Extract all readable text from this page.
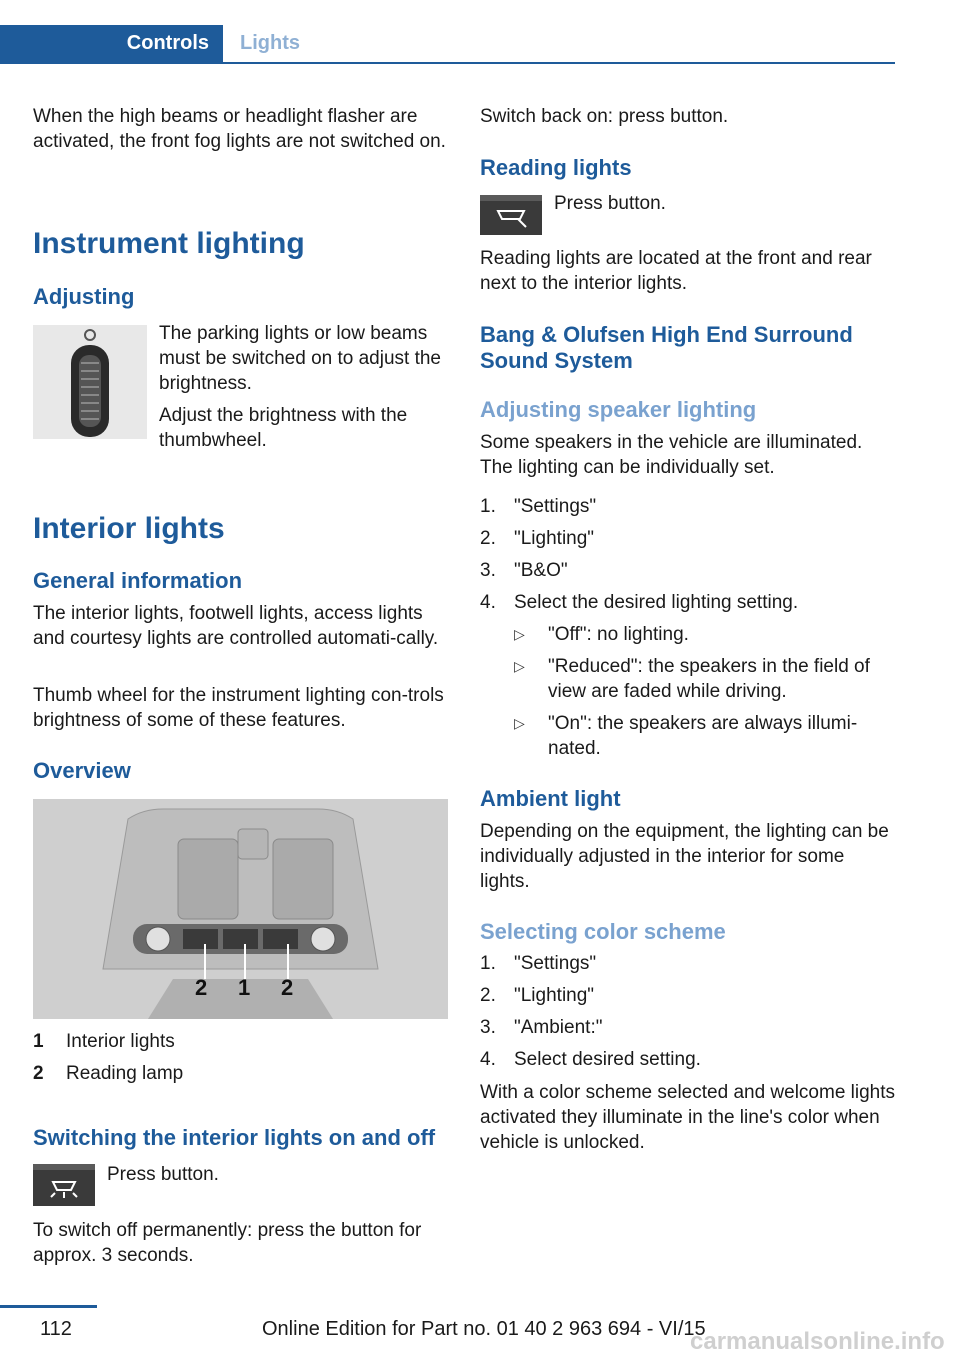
Controls	Lights

When the high beams or headlight flasher are activated, the front fog lights are not switched on.

Instrument lighting
Adjusting

The parking lights or low beams must be switched on to adjust the brightness.

Adjust the brightness with the thumbwheel.

Interior lights
General information

The interior lights, footwell lights, access lights and courtesy lights are controlled automati-cally.

Thumb wheel for the instrument lighting con-trols brightness of some of these features.

Overview
2 1 2
1 Interior lights
2 Reading lamp
Switching the interior lights on and off

Press button.

To switch off permanently: press the button for approx. 3 seconds.

Switch back on: press button.

Reading lights

Press button.

Reading lights are located at the front and rear next to the interior lights.

Bang & Olufsen High End Surround Sound System
Adjusting speaker lighting

Some speakers in the vehicle are illuminated. The lighting can be individually set.

1. "Settings"
2. "Lighting"
3. "B&O"
4. Select the desired lighting setting.
▷ "Off": no lighting.
▷ "Reduced": the speakers in the field of view are faded while driving.
▷ "On": the speakers are always illumi-nated.
Ambient light

Depending on the equipment, the lighting can be individually adjusted in the interior for some lights.

Selecting color scheme
1. "Settings"
2. "Lighting"
3. "Ambient:"
4. Select desired setting.

With a color scheme selected and welcome lights activated they illuminate in the line's color when vehicle is unlocked.

112	Online Edition for Part no. 01 40 2 963 694 - VI/15
carmanualsonline.info
